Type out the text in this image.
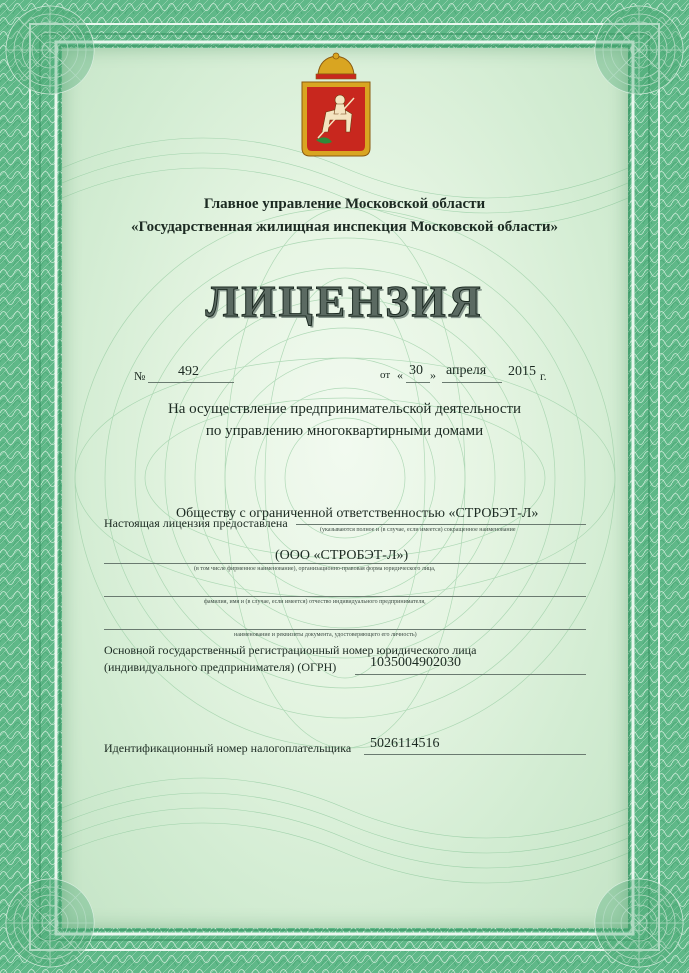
Главное управление Московской области
«Государственная жилищная инспекция Московской области»
ЛИЦЕНЗИЯ
№ 492	от « 30 » апреля 2015 г.
На осуществление предпринимательской деятельности
по управлению многоквартирными домами
Настоящая лицензия предоставлена
Обществу с ограниченной ответственностью «СТРОБЭТ-Л»
(указываются полное и (в случае, если имеется) сокращенное наименование
(ООО «СТРОБЭТ-Л»)
(в том числе фирменное наименование), организационно-правовая форма юридического лица,
фамилия, имя и (в случае, если имеется) отчество индивидуального предпринимателя,
наименование и реквизиты документа, удостоверяющего его личность)
Основной государственный регистрационный номер юридического лица
(индивидуального предпринимателя) (ОГРН) 1035004902030
Идентификационный номер налогоплательщика 5026114516
